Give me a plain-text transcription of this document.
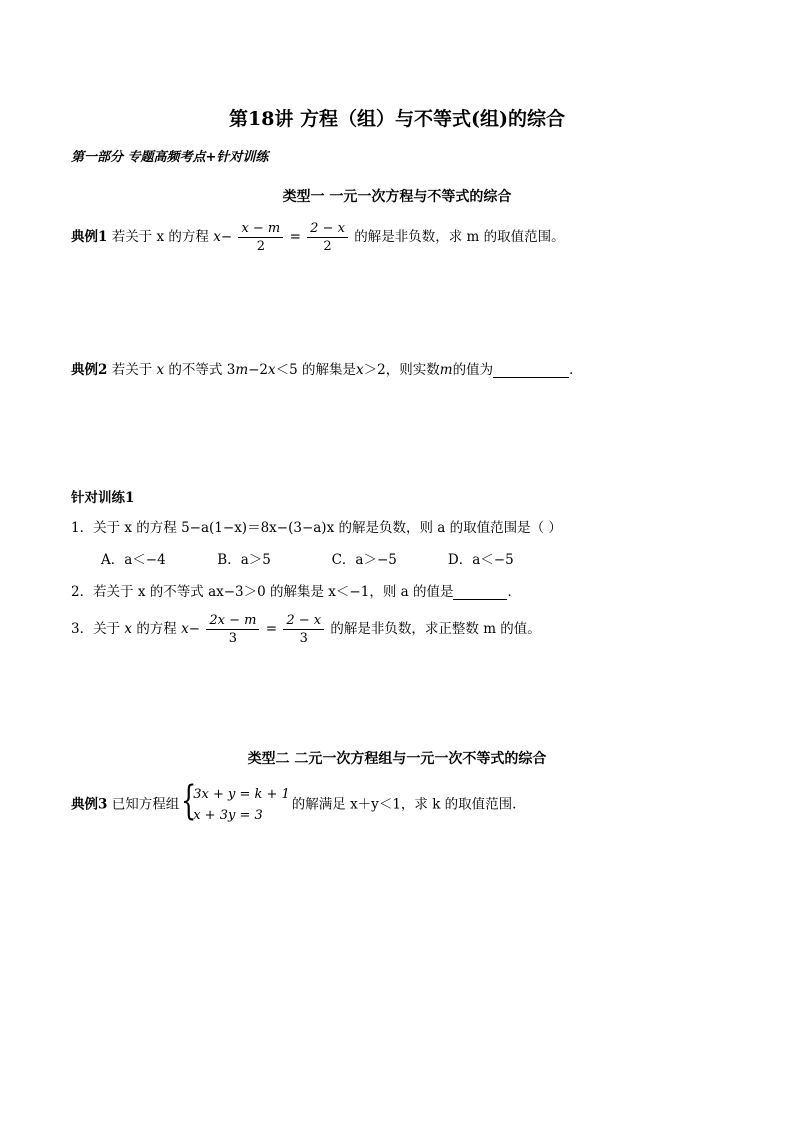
第18讲 方程（组）与不等式(组)的综合
第一部分 专题高频考点+针对训练
类型一 一元一次方程与不等式的综合
典例1 若关于 x 的方程 $x- \frac{x - m}{2} = \frac{2 - x}{2}$ 的解是非负数，求 m 的取值范围。
典例2 若关于 x 的不等式 3m−2x＜5 的解集是x＞2，则实数m的值为	．
针对训练1
1．关于 x 的方程 5−a(1−x)＝8x−(3−a)x 的解是负数，则 a 的取值范围是（ ）
A．a＜−4	B．a＞5	C．a＞−5	D．a＜−5
2．若关于 x 的不等式 ax−3＞0 的解集是 x＜−1，则 a 的值是	．
3．关于 x 的方程 $x- \frac{2x - m}{3} = \frac{2 - x}{3}$ 的解是非负数，求正整数 m 的值。
类型二 二元一次方程组与一元一次不等式的综合
典例3 已知方程组 {
3x + y = k + 1
x + 3y = 3
的解满足 x＋y＜1，求 k 的取值范围.
